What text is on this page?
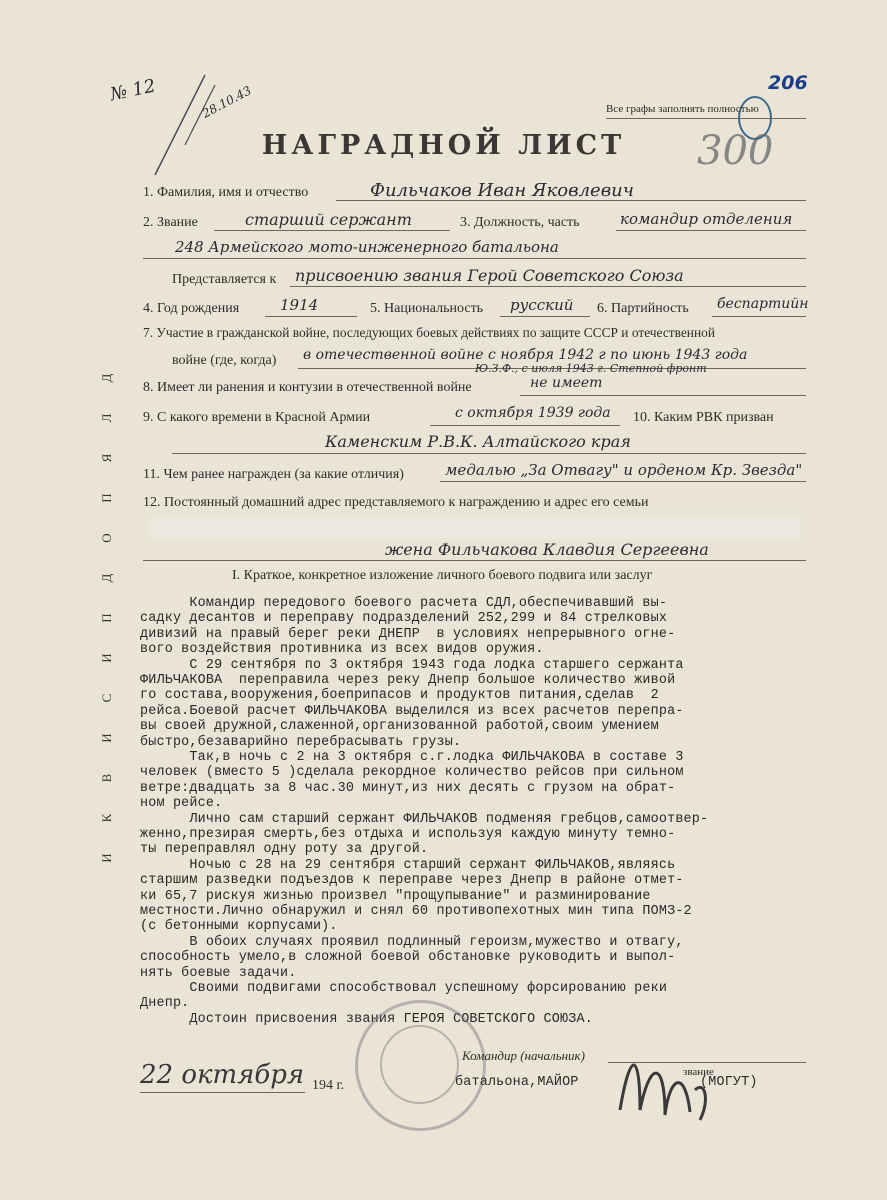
№ 12	28.10.43
206
Все графы заполнять полностью
НАГРАДНОЙ ЛИСТ	300
Д
Л
Я
П
О
Д
П
И
С
И
В
К
И
1. Фамилия, имя и отчество	Фильчаков Иван Яковлевич
2. Звание	старший сержант	3. Должность, часть	командир отделения
248 Армейского мото-инженерного батальона
Представляется к присвоению звания Герой Советского Союза
4. Год рождения	1914	5. Национальность русский 6. Партийность беспартийн
7. Участие в гражданской войне, последующих боевых действиях по защите СССР и отечественной
войне (где, когда) в отечественной войне с ноября 1942 г по июнь 1943 года
Ю.З.Ф., с июля 1943 г. Степной фронт
8. Имеет ли ранения и контузии в отечественной войне	не имеет
9. С какого времени в Красной Армии	с октября 1939 года 10. Каким РВК призван
Каменским Р.В.К. Алтайского края
11. Чем ранее награжден (за какие отличия)	медалью „За Отвагу" и орденом Кр. Звезда"
12. Постоянный домашний адрес представляемого к награждению и адрес его семьи
жена Фильчакова Клавдия Сергеевна
I. Краткое, конкретное изложение личного боевого подвига или заслуг
Командир передового боевого расчета СДЛ,обеспечивавший вы-
садку десантов и переправу подразделений 252,299 и 84 стрелковых
дивизий на правый берег реки ДНЕПР  в условиях непрерывного огне-
вого воздействия противника из всех видов оружия.
С 29 сентября по 3 октября 1943 года лодка старшего сержанта
ФИЛЬЧАКОВА  переправила через реку Днепр большое количество живой
го состава,вооружения,боеприпасов и продуктов питания,сделав  2
рейса.Боевой расчет ФИЛЬЧАКОВА выделился из всех расчетов перепра-
вы своей дружной,слаженной,организованной работой,своим умением
быстро,безаварийно перебрасывать грузы.
Так,в ночь с 2 на 3 октября с.г.лодка ФИЛЬЧАКОВА в составе 3
человек (вместо 5 )сделала рекордное количество рейсов при сильном
ветре:двадцать за 8 час.30 минут,из них десять с грузом на обрат-
ном рейсе.
Лично сам старший сержант ФИЛЬЧАКОВ подменяя гребцов,самоотвер-
женно,презирая смерть,без отдыха и используя каждую минуту темно-
ты переправлял одну роту за другой.
Ночью с 28 на 29 сентября старший сержант ФИЛЬЧАКОВ,являясь
старшим разведки подъездов к переправе через Днепр в районе отмет-
ки 65,7 рискуя жизнью произвел "прощупывание" и разминирование
местности.Лично обнаружил и снял 60 противопехотных мин типа ПОМЗ-2
(с бетонными корпусами).
В обоих случаях проявил подлинный героизм,мужество и отвагу,
способность умело,в сложной боевой обстановке руководить и выпол-
нять боевые задачи.
Своими подвигами способствовал успешному форсированию реки
Днепр.
Достоин присвоения звания ГЕРОЯ СОВЕТСКОГО СОЮЗА.
22 октября 194 г.
Командир (начальник)
звание
батальона,МАЙОР	(МОГУТ)
